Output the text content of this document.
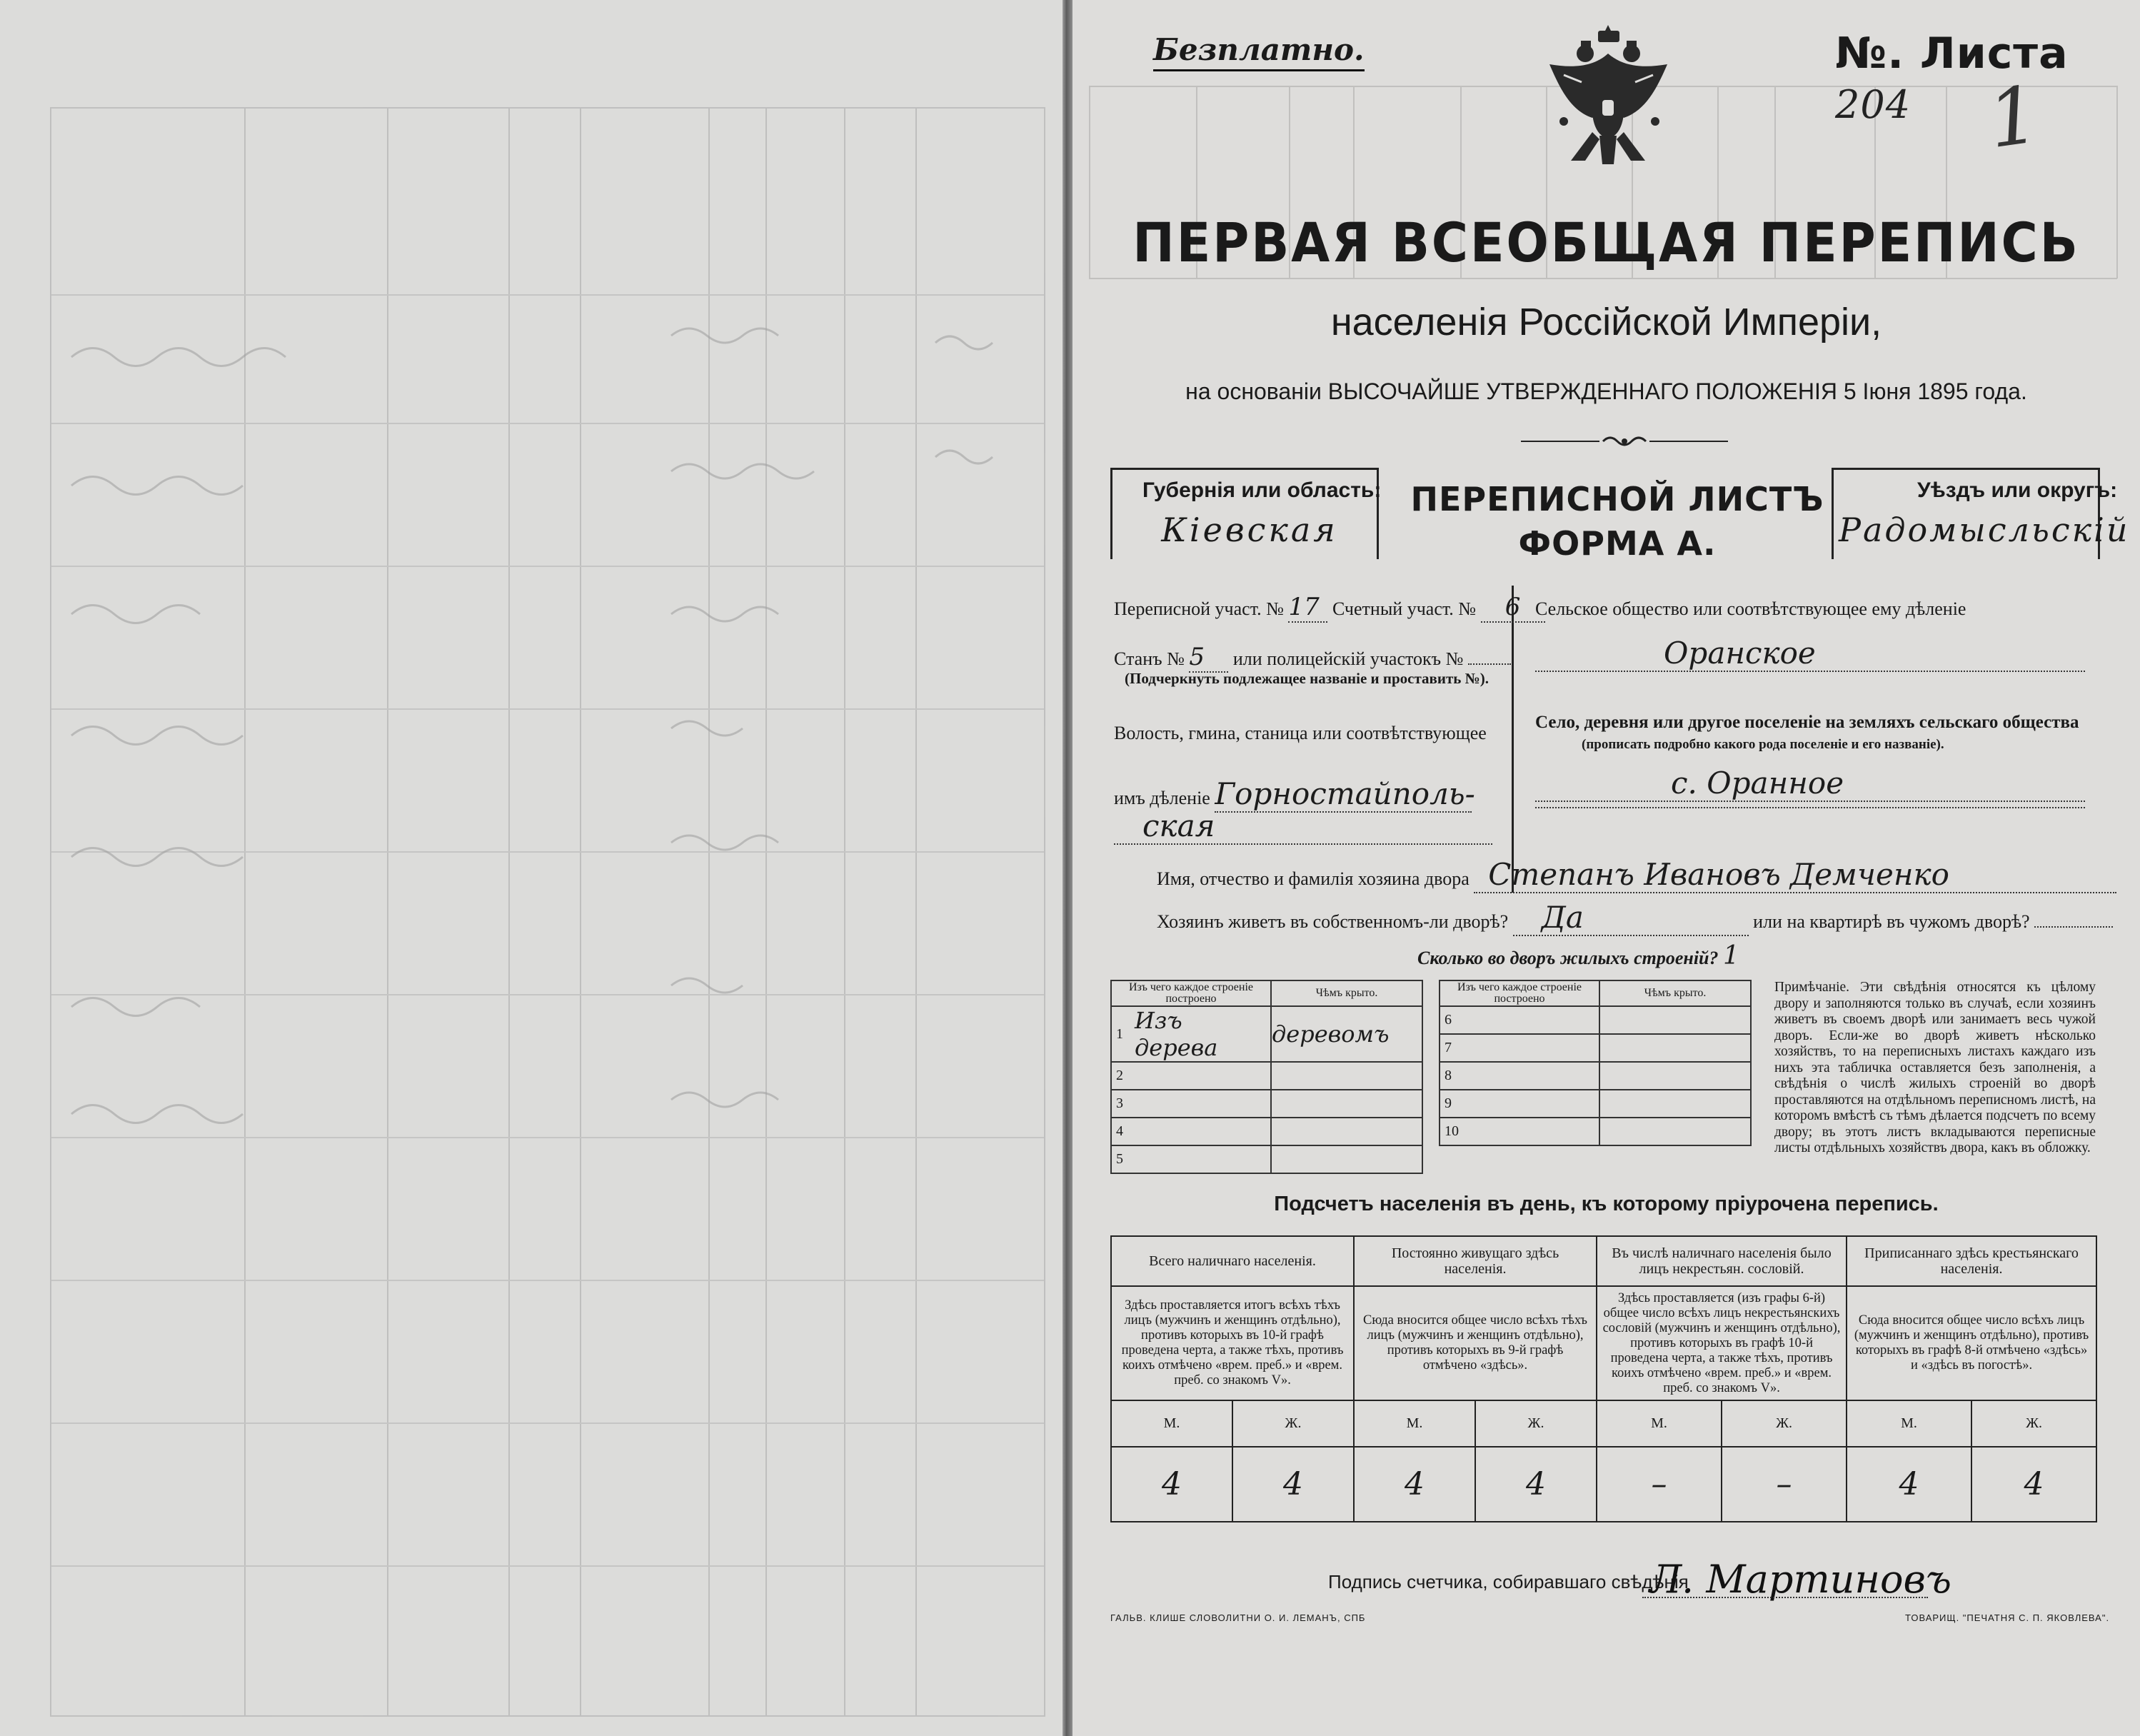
Безплатно.	№. Листа 204 1
ПЕРВАЯ ВСЕОБЩАЯ ПЕРЕПИСЬ
населенія Россійской Имперіи,
на основаніи ВЫСОЧАЙШЕ УТВЕРЖДЕННАГО ПОЛОЖЕНІЯ 5 Іюня 1895 года.
Губернія или область:
Кіевская
ПЕРЕПИСНОЙ ЛИСТЪ
ФОРМА А.
Уѣздъ или округъ:
Радомысльскій
Переписной участ. № 17 Счетный участ. № 6
Станъ № 5 или полицейскій участокъ №
(Подчеркнуть подлежащее названіе и проставить №).
Волость, гмина, станица или соотвѣтствующее
имъ дѣленіе Горностайполь-
ская
Сельское общество или соотвѣтствующее ему дѣленіе
Оранское
Село, деревня или другое поселеніе на земляхъ сельскаго общества
(прописать подробно какого рода поселеніе и его названіе).
с. Оранное
Имя, отчество и фамилія хозяина двора Степанъ Ивановъ Демченко
Хозяинъ живетъ въ собственномъ-ли дворѣ? Да	или на квартирѣ въ чужомъ дворѣ?
Сколько во дворъ жилыхъ строеній? 1
Изъ чего каждое строеніе построено		Чѣмъ крыто.
1	Изъ дерева	деревомъ
2		
3		
4		
5		
Изъ чего каждое строеніе построено		Чѣмъ крыто.
6		
7		
8		
9		
10		
Примѣчаніе. Эти свѣдѣнія относятся къ цѣлому двору и заполняются только въ случаѣ, если хозяинъ живетъ въ своемъ дворѣ или занимаетъ весь чужой дворъ. Если-же во дворѣ живетъ нѣсколько хозяйствъ, то на переписныхъ листахъ каждаго изъ нихъ эта табличка оставляется безъ заполненія, а свѣдѣнія о числѣ жилыхъ строеній во дворѣ проставляются на отдѣльномъ переписномъ листѣ, на которомъ вмѣстѣ съ тѣмъ дѣлается подсчетъ по всему двору; въ этотъ листъ вкладываются переписные листы отдѣльныхъ хозяйствъ двора, какъ въ обложку.
Подсчетъ населенія въ день, къ которому пріурочена перепись.
Всего наличнаго населенія.		Постоянно живущаго здѣсь населенія.		Въ числѣ наличнаго населенія было лицъ некрестьян. сословій.		Приписаннаго здѣсь крестьянскаго населенія.	
Здѣсь проставляется итогъ всѣхъ тѣхъ лицъ (мужчинъ и женщинъ отдѣльно), противъ которыхъ въ 10-й графѣ проведена черта, а также тѣхъ, противъ коихъ отмѣчено «врем. преб.» и «врем. преб. со знакомъ V».		Сюда вносится общее число всѣхъ тѣхъ лицъ (мужчинъ и женщинъ отдѣльно), противъ которыхъ въ 9-й графѣ отмѣчено «здѣсь».		Здѣсь проставляется (изъ графы 6-й) общее число всѣхъ лицъ некрестьянскихъ сословій (мужчинъ и женщинъ отдѣльно), противъ которыхъ въ графѣ 10-й проведена черта, а также тѣхъ, противъ коихъ отмѣчено «врем. преб.» и «врем. преб. со знакомъ V».		Сюда вносится общее число всѣхъ лицъ (мужчинъ и женщинъ отдѣльно), противъ которыхъ въ графѣ 8-й отмѣчено «здѣсь» и «здѣсь въ погостѣ».	
М.	Ж.	М.	Ж.	М.	Ж.	М.	Ж.
4	4	4	4	–	–	4	4
Подпись счетчика, собиравшаго свѣдѣнія
Л. Мартиновъ
ГАЛЬВ. КЛИШЕ СЛОВОЛИТНИ О. И. ЛЕМАНЪ, СПБ	ТОВАРИЩ. "ПЕЧАТНЯ С. П. ЯКОВЛЕВА".
